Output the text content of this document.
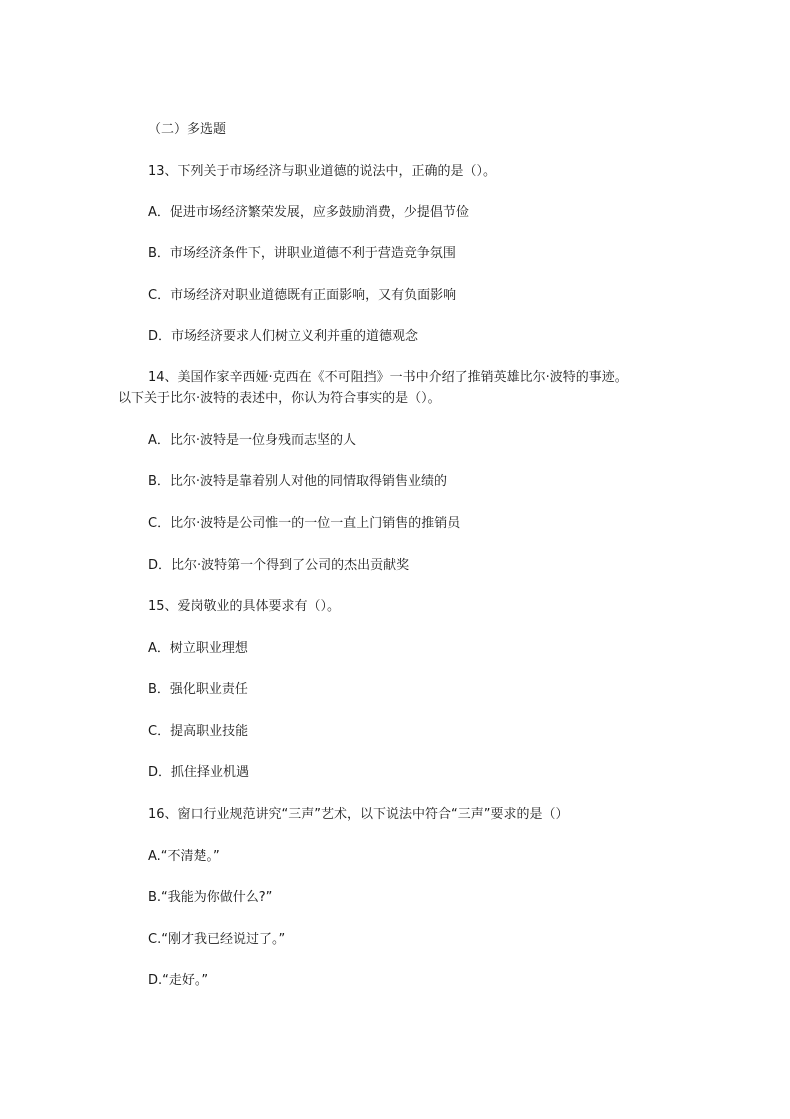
（二）多选题
13、下列关于市场经济与职业道德的说法中，正确的是（）。
A．促进市场经济繁荣发展，应多鼓励消费，少提倡节俭
B．市场经济条件下，讲职业道德不利于营造竞争氛围
C．市场经济对职业道德既有正面影响，又有负面影响
D．市场经济要求人们树立义利并重的道德观念
14、美国作家辛西娅·克西在《不可阻挡》一书中介绍了推销英雄比尔·波特的事迹。
以下关于比尔·波特的表述中，你认为符合事实的是（）。
A．比尔·波特是一位身残而志坚的人
B．比尔·波特是靠着别人对他的同情取得销售业绩的
C．比尔·波特是公司惟一的一位一直上门销售的推销员
D．比尔·波特第一个得到了公司的杰出贡献奖
15、爱岗敬业的具体要求有（）。
A．树立职业理想
B．强化职业责任
C．提高职业技能
D．抓住择业机遇
16、窗口行业规范讲究“三声”艺术，以下说法中符合“三声”要求的是（）
A.“不清楚。”
B.“我能为你做什么?”
C.“刚才我已经说过了。”
D.“走好。”
